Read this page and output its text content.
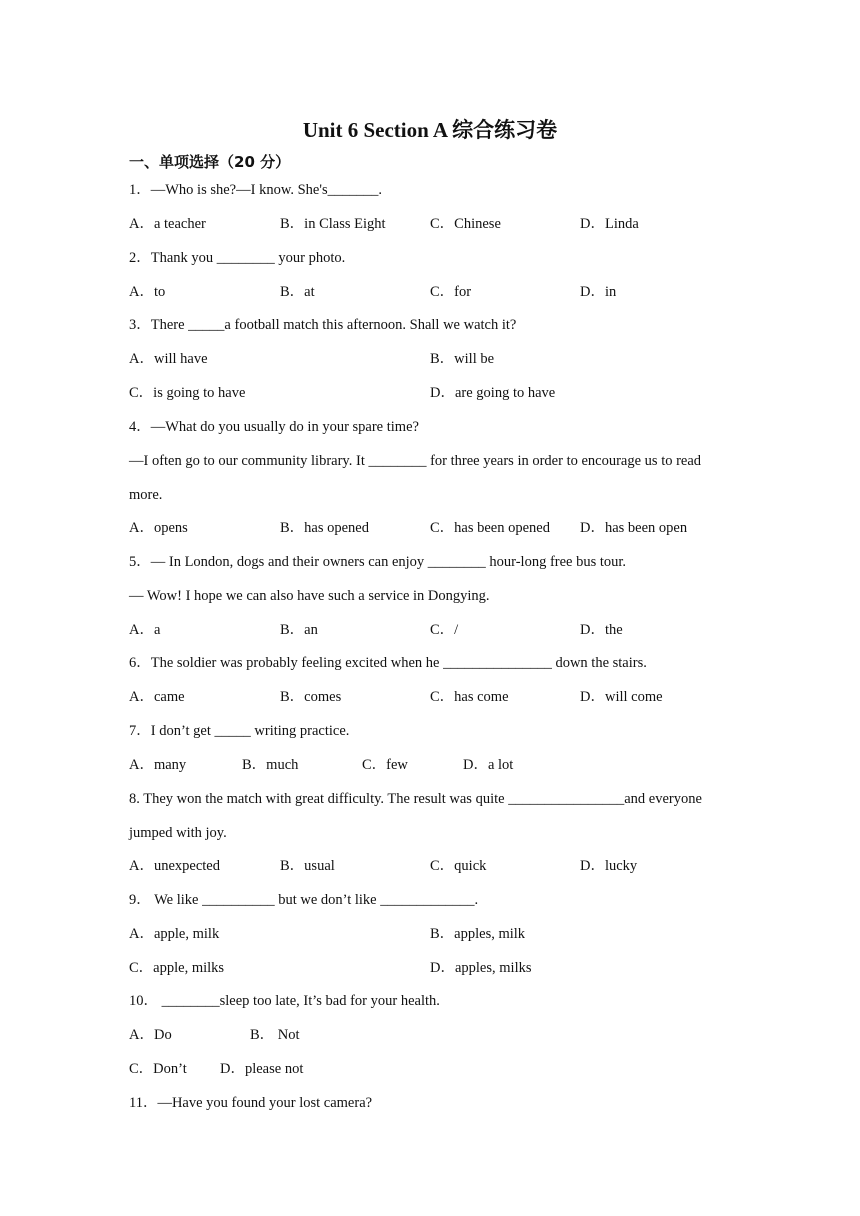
Unit 6 Section A 综合练习卷
一、单项选择（20 分）
1．—Who is she?—I know. She's_______.
A．a teacher	B．in Class Eight	C．Chinese	D．Linda
2．Thank you ________ your photo.
A．to	B．at	C．for	D．in
3．There _____a football match this afternoon. Shall we watch it?
A．will have	B．will be
C．is going to have	D．are going to have
4．—What do you usually do in your spare time?
—I often go to our community library. It ________ for three years in order to encourage us to read
more.
A．opens	B．has opened	C．has been opened D．has been open
5．— In London, dogs and their owners can enjoy ________ hour-long free bus tour.
— Wow! I hope we can also have such a service in Dongying.
A．a	B．an	C．/	D．the
6．The soldier was probably feeling excited when he _______________ down the stairs.
A．came	B．comes	C．has come	D．will come
7．I don’t get _____ writing practice.
A．many	B．much	C．few	D．a lot
8. They won the match with great difficulty. The result was quite ________________and everyone
jumped with joy.
A．unexpected	B．usual	C．quick	D．lucky
9． We like __________ but we don’t like _____________.
A．apple, milk	B．apples, milk
C．apple, milks	D．apples, milks
10． ________sleep too late, It’s bad for your health.
A．Do	B． Not
C．Don’t D．please not
11．—Have you found your lost camera?
